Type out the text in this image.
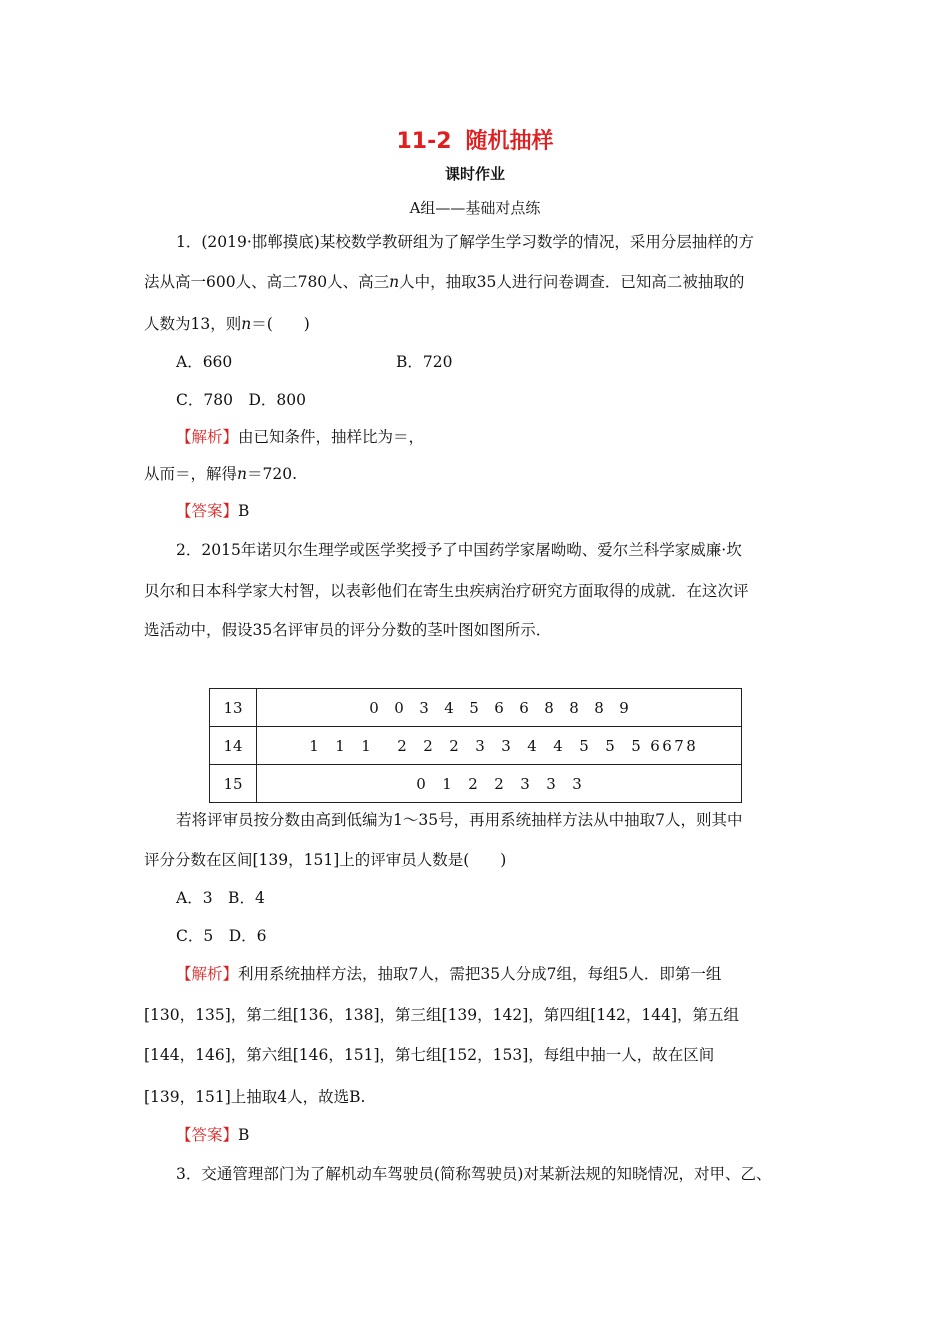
11-2 随机抽样
课时作业
A组——基础对点练
1．(2019·邯郸摸底)某校数学教研组为了解学生学习数学的情况，采用分层抽样的方
法从高一600人、高二780人、高三n人中，抽取35人进行问卷调查．已知高二被抽取的
人数为13，则n＝(　　)
A．660	B．720
C．780　D．800
【解析】由已知条件，抽样比为＝，
从而＝，解得n＝720.
【答案】B
2．2015年诺贝尔生理学或医学奖授予了中国药学家屠呦呦、爱尔兰科学家威廉·坎
贝尔和日本科学家大村智，以表彰他们在寄生虫疾病治疗研究方面取得的成就．在这次评
选活动中，假设35名评审员的评分分数的茎叶图如图所示．
13	0 0 3 4 5 6 6 8 8 8 9
14	1 1 1 2 2 2 3 3 4 4 5 5 5 6 6 7 8
15	0 1 2 2 3 3 3
若将评审员按分数由高到低编为1～35号，再用系统抽样方法从中抽取7人，则其中
评分分数在区间[139，151]上的评审员人数是(　　)
A．3　B．4
C．5　D．6
【解析】利用系统抽样方法，抽取7人，需把35人分成7组，每组5人．即第一组
[130，135]，第二组[136，138]，第三组[139，142]，第四组[142，144]，第五组
[144，146]，第六组[146，151]，第七组[152，153]，每组中抽一人，故在区间
[139，151]上抽取4人，故选B.
【答案】B
3．交通管理部门为了解机动车驾驶员(简称驾驶员)对某新法规的知晓情况，对甲、乙、
